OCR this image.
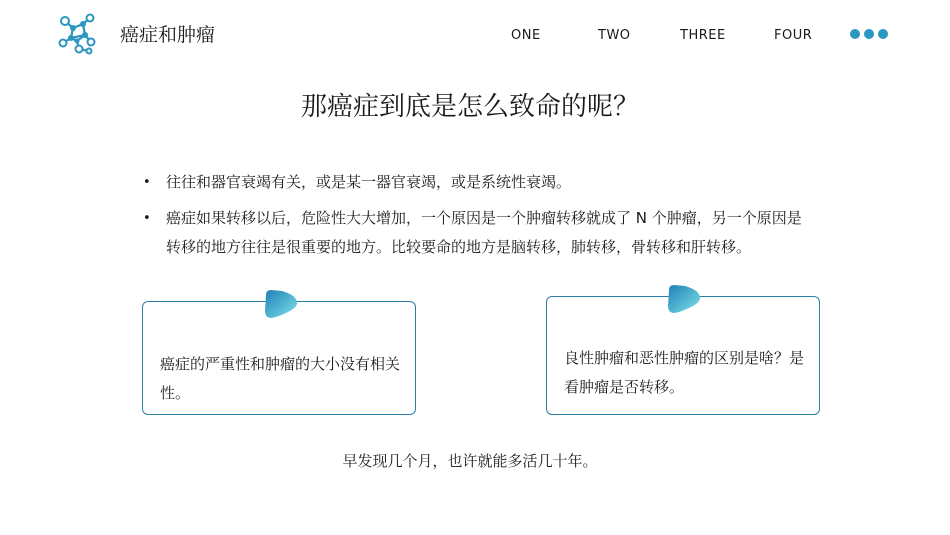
癌症和肿瘤	ONE	TWO	THREE	FOUR
那癌症到底是怎么致命的呢？
• 往往和器官衰竭有关，或是某一器官衰竭，或是系统性衰竭。
• 癌症如果转移以后，危险性大大增加，一个原因是一个肿瘤转移就成了 N 个肿瘤，另一个原因是转移的地方往往是很重要的地方。比较要命的地方是脑转移，肺转移，骨转移和肝转移。
癌症的严重性和肿瘤的大小没有相关性。
良性肿瘤和恶性肿瘤的区别是啥？是看肿瘤是否转移。
早发现几个月，也许就能多活几十年。
